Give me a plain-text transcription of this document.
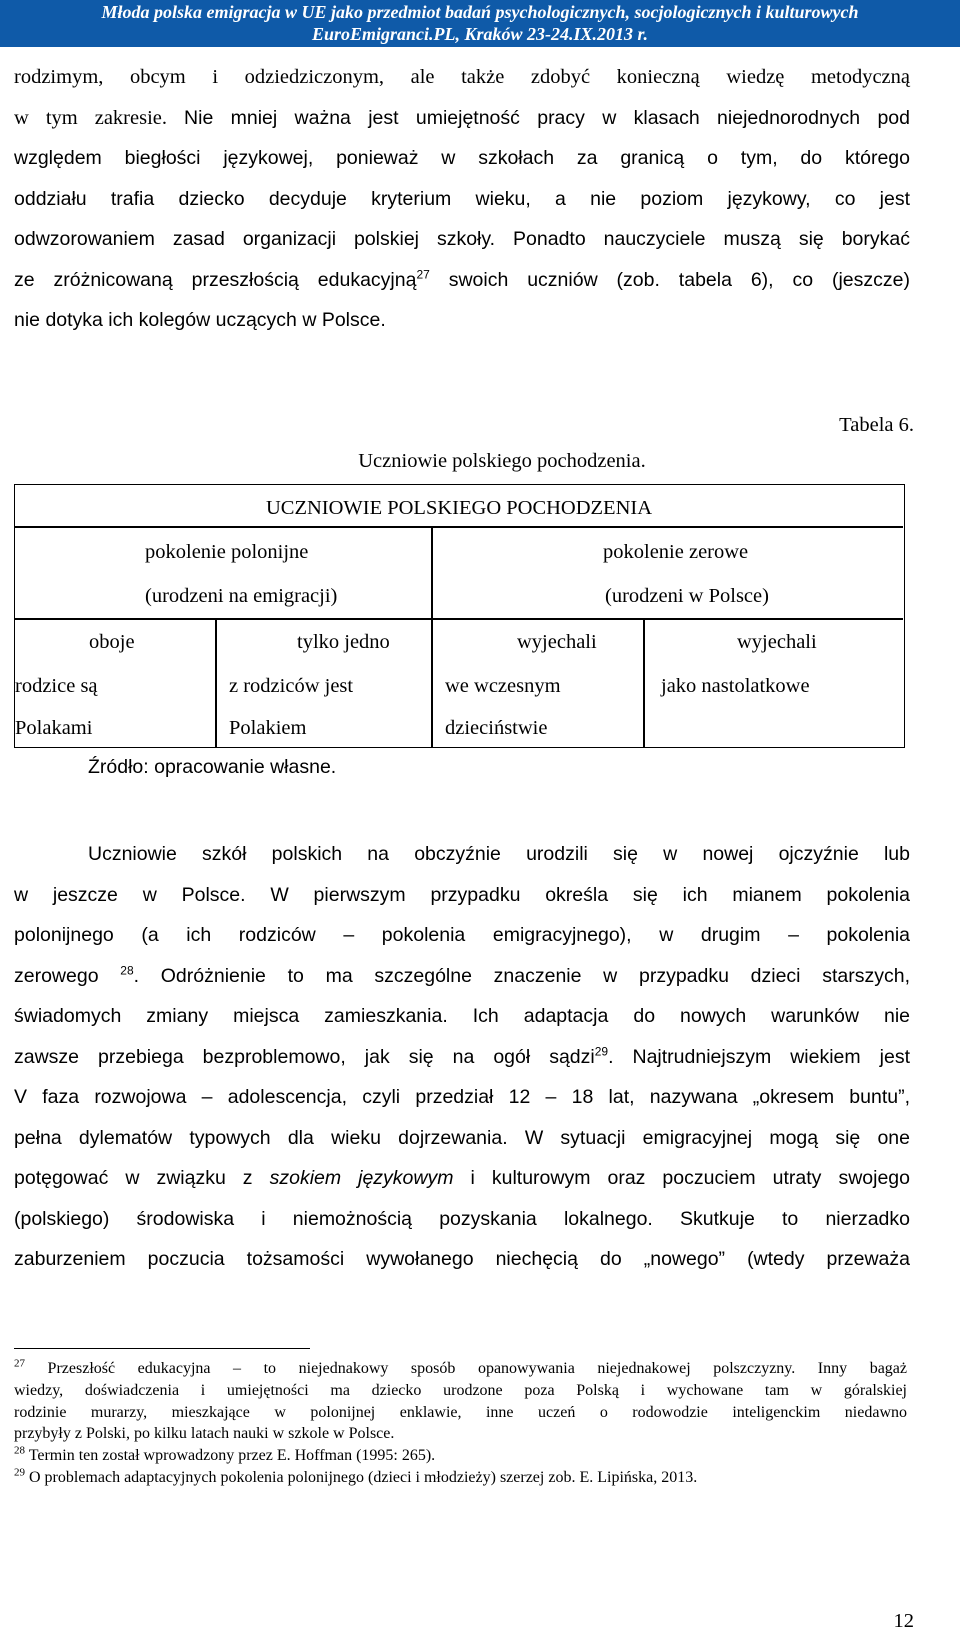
Młoda polska emigracja w UE jako przedmiot badań psychologicznych, socjologicznych i kulturowych
EuroEmigranci.PL, Kraków 23-24.IX.2013 r.
rodzimym, obcym i odziedziczonym, ale także zdobyć konieczną wiedzę metodyczną
w tym zakresie. Nie mniej ważna jest umiejętność pracy w klasach niejednorodnych pod
względem biegłości językowej, ponieważ w szkołach za granicą o tym, do którego
oddziału trafia dziecko decyduje kryterium wieku, a nie poziom językowy, co jest
odwzorowaniem zasad organizacji polskiej szkoły. Ponadto nauczyciele muszą się borykać
ze zróżnicowaną przeszłością edukacyjną$^{27}$ swoich uczniów (zob. tabela 6), co (jeszcze)
nie dotyka ich kolegów uczących w Polsce.
Tabela 6.
Uczniowie polskiego pochodzenia.
UCZNIOWIE POLSKIEGO POCHODZENIA
pokolenie polonijne
(urodzeni na emigracji)
pokolenie zerowe
(urodzeni w Polsce)
oboje
rodzice są
Polakami
tylko jedno
z rodziców jest
Polakiem
wyjechali
we wczesnym
dzieciństwie
wyjechali
jako nastolatkowe
Źródło: opracowanie własne.
Uczniowie szkół polskich na obczyźnie urodzili się w nowej ojczyźnie lub
w jeszcze w Polsce. W pierwszym przypadku określa się ich mianem pokolenia
polonijnego (a ich rodziców – pokolenia emigracyjnego), w drugim – pokolenia
zerowego $^{28}$. Odróżnienie to ma szczególne znaczenie w przypadku dzieci starszych,
świadomych zmiany miejsca zamieszkania. Ich adaptacja do nowych warunków nie
zawsze przebiega bezproblemowo, jak się na ogół sądzi$^{29}$. Najtrudniejszym wiekiem jest
V faza rozwojowa – adolescencja, czyli przedział 12 – 18 lat, nazywana „okresem buntu”,
pełna dylematów typowych dla wieku dojrzewania. W sytuacji emigracyjnej mogą się one
potęgować w związku z szokiem językowym i kulturowym oraz poczuciem utraty swojego
(polskiego) środowiska i niemożnością pozyskania lokalnego. Skutkuje to nierzadko
zaburzeniem poczucia tożsamości wywołanego niechęcią do „nowego” (wtedy przeważa
$^{27}$ Przeszłość edukacyjna – to niejednakowy sposób opanowywania niejednakowej polszczyzny. Inny bagaż
wiedzy, doświadczenia i umiejętności ma dziecko urodzone poza Polską i wychowane tam w góralskiej
rodzinie murarzy, mieszkające w polonijnej enklawie, inne uczeń o rodowodzie inteligenckim niedawno
przybyły z Polski, po kilku latach nauki w szkole w Polsce.
$^{28}$ Termin ten został wprowadzony przez E. Hoffman (1995: 265).
$^{29}$ O problemach adaptacyjnych pokolenia polonijnego (dzieci i młodzieży) szerzej zob. E. Lipińska, 2013.
12
